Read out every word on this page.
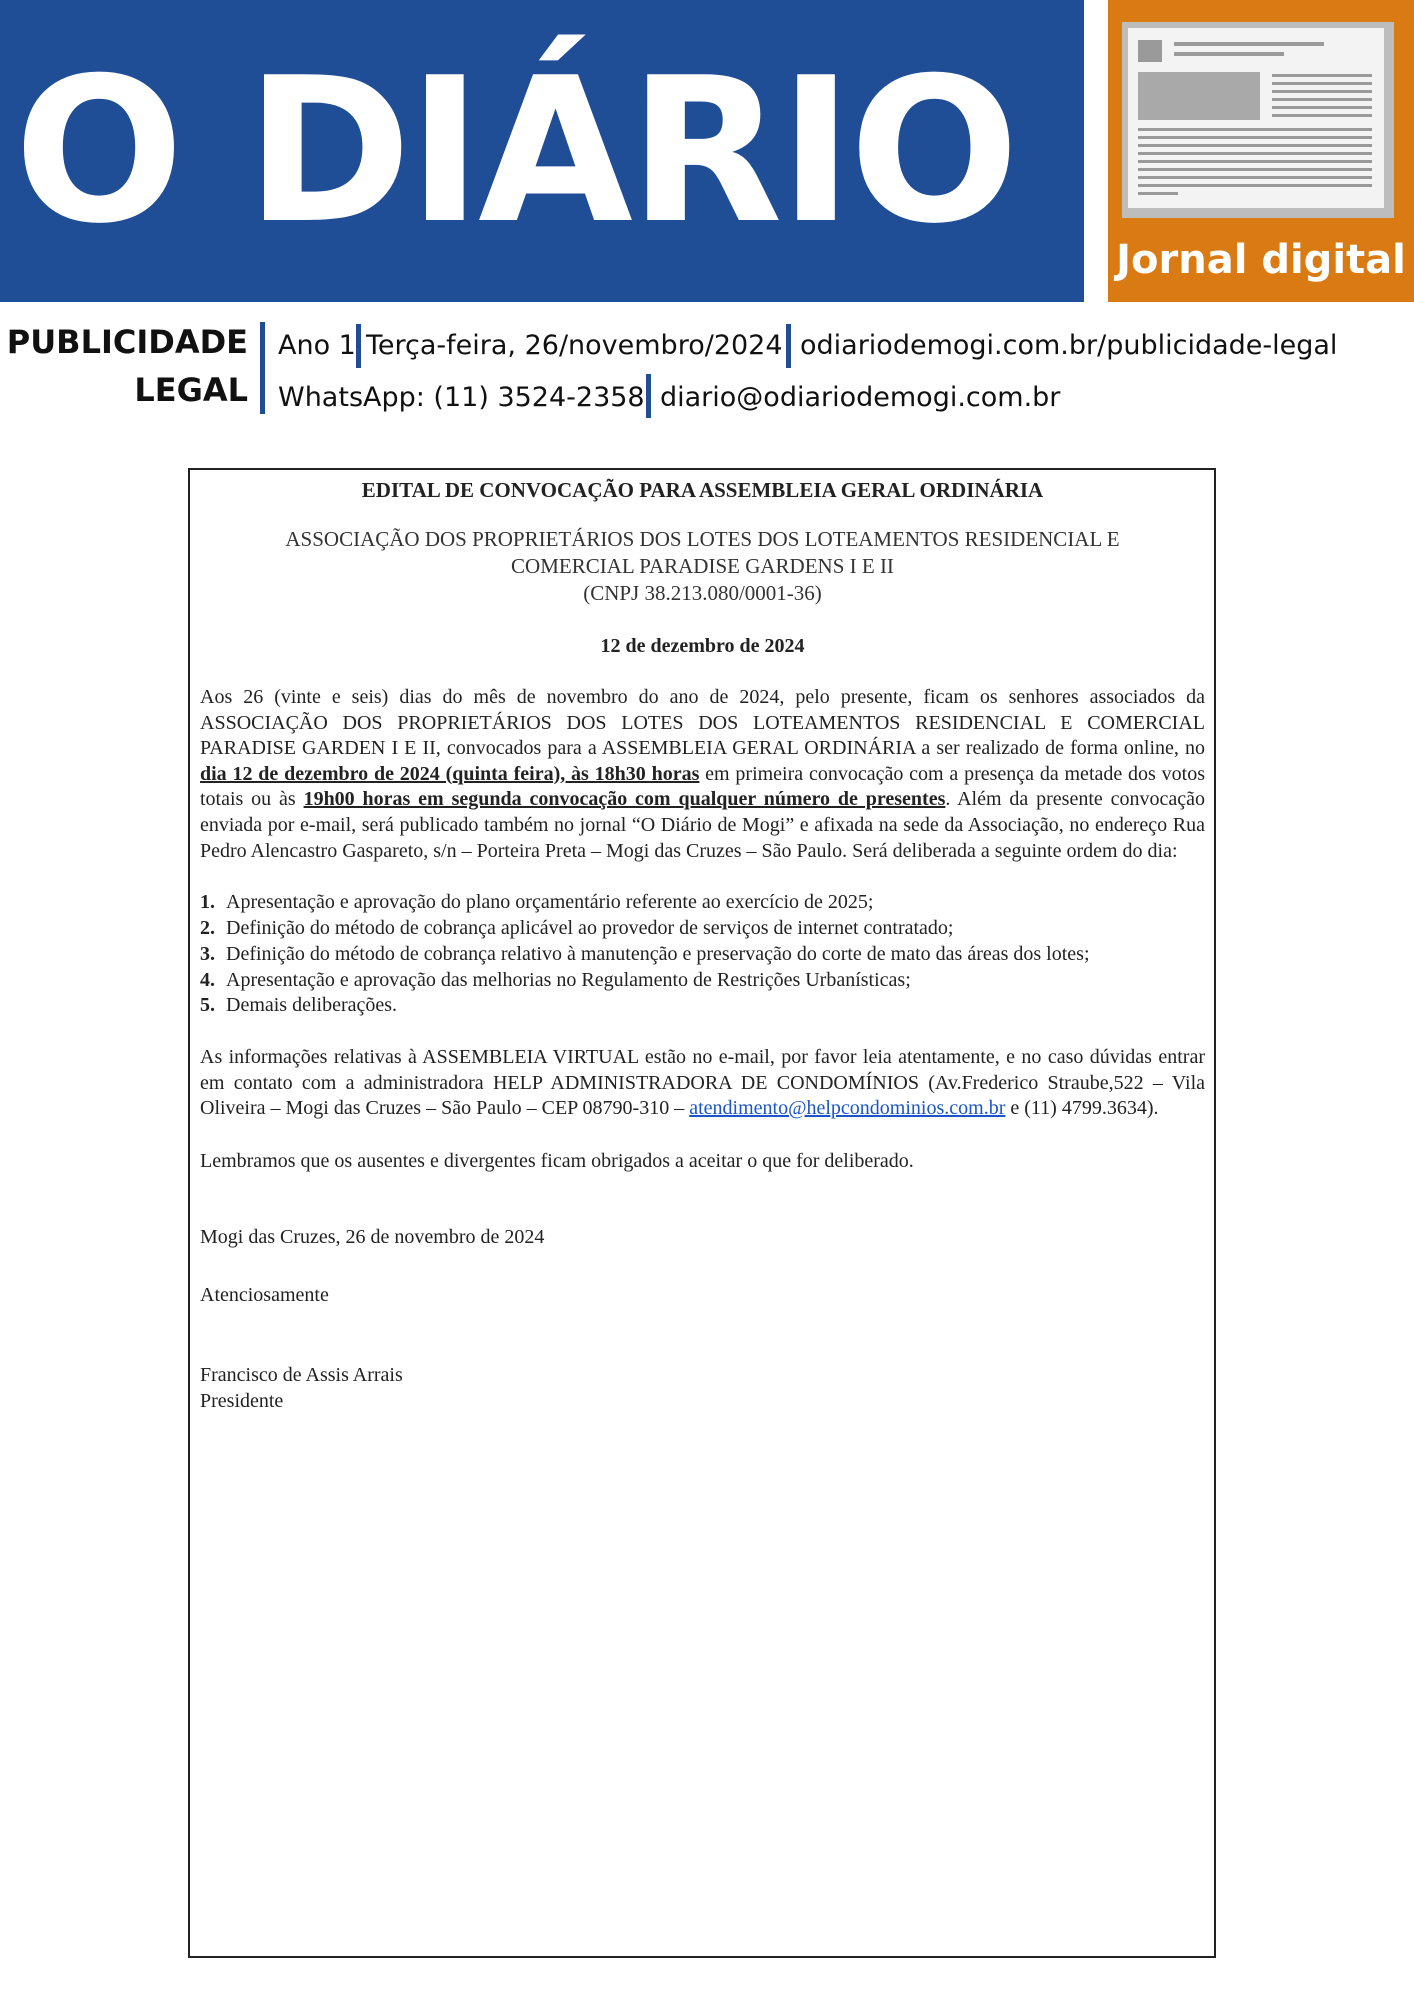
O DIÁRIO	Jornal digital
PUBLICIDADE
LEGAL
Ano 1 Terça-feira, 26/novembro/2024 odiariodemogi.com.br/publicidade-legal
WhatsApp: (11) 3524-2358 diario@odiariodemogi.com.br
EDITAL DE CONVOCAÇÃO PARA ASSEMBLEIA GERAL ORDINÁRIA
ASSOCIAÇÃO DOS PROPRIETÁRIOS DOS LOTES DOS LOTEAMENTOS RESIDENCIAL E
COMERCIAL PARADISE GARDENS I E II
(CNPJ 38.213.080/0001-36)
12 de dezembro de 2024

Aos 26 (vinte e seis) dias do mês de novembro do ano de 2024, pelo presente, ficam os senhores associados da ASSOCIAÇÃO DOS PROPRIETÁRIOS DOS LOTES DOS LOTEAMENTOS RESIDENCIAL E COMERCIAL PARADISE GARDEN I E II, convocados para a ASSEMBLEIA GERAL ORDINÁRIA a ser realizado de forma online, no dia 12 de dezembro de 2024 (quinta feira), às 18h30 horas em primeira convocação com a presença da metade dos votos totais ou às 19h00 horas em segunda convocação com qualquer número de presentes. Além da presente convocação enviada por e-mail, será publicado também no jornal “O Diário de Mogi” e afixada na sede da Associação, no endereço Rua Pedro Alencastro Gaspareto, s/n – Porteira Preta – Mogi das Cruzes – São Paulo. Será deliberada a seguinte ordem do dia:

1. Apresentação e aprovação do plano orçamentário referente ao exercício de 2025;
2. Definição do método de cobrança aplicável ao provedor de serviços de internet contratado;
3. Definição do método de cobrança relativo à manutenção e preservação do corte de mato das áreas dos lotes;
4. Apresentação e aprovação das melhorias no Regulamento de Restrições Urbanísticas;
5. Demais deliberações.

As informações relativas à ASSEMBLEIA VIRTUAL estão no e-mail, por favor leia atentamente, e no caso dúvidas entrar em contato com a administradora HELP ADMINISTRADORA DE CONDOMÍNIOS (Av.Frederico Straube,522 – Vila Oliveira – Mogi das Cruzes – São Paulo – CEP 08790-310 – atendimento@helpcondominios.com.br e (11) 4799.3634).

Lembramos que os ausentes e divergentes ficam obrigados a aceitar o que for deliberado.

Mogi das Cruzes, 26 de novembro de 2024

Atenciosamente

Francisco de Assis Arrais

Presidente
